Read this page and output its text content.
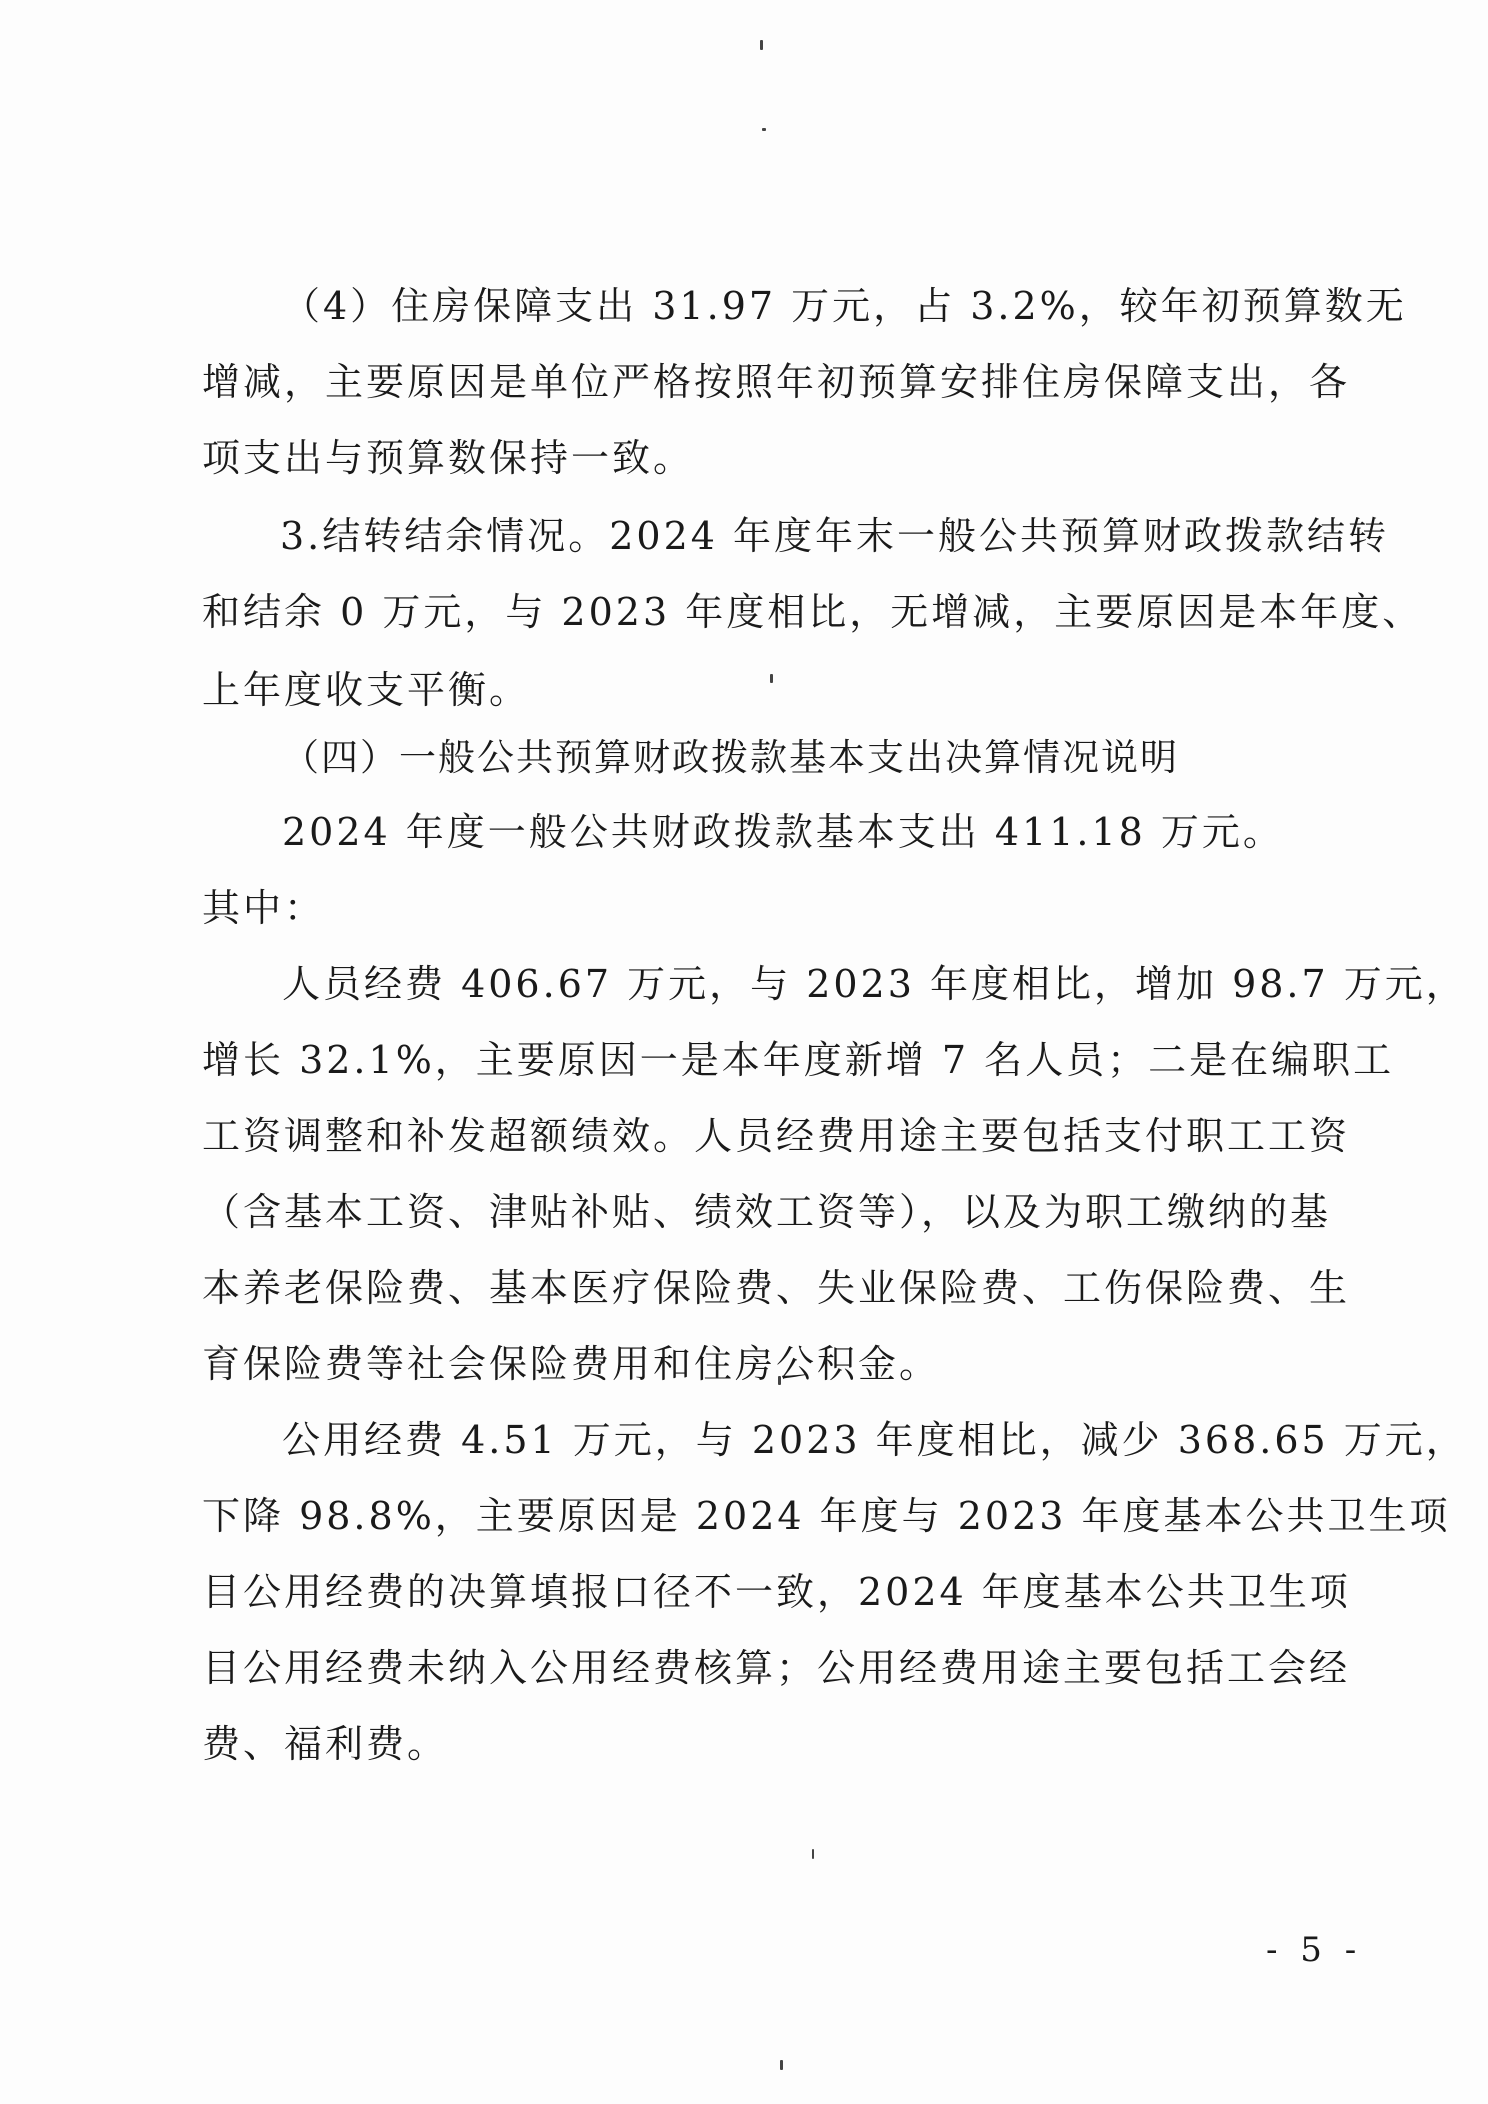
（4）住房保障支出 31.97 万元，占 3.2%，较年初预算数无
增减，主要原因是单位严格按照年初预算安排住房保障支出，各
项支出与预算数保持一致。
3.结转结余情况。2024 年度年末一般公共预算财政拨款结转
和结余 0 万元，与 2023 年度相比，无增减，主要原因是本年度、
上年度收支平衡。
（四）一般公共预算财政拨款基本支出决算情况说明
2024 年度一般公共财政拨款基本支出 411.18 万元。
其中：
人员经费 406.67 万元，与 2023 年度相比，增加 98.7 万元，
增长 32.1%，主要原因一是本年度新增 7 名人员；二是在编职工
工资调整和补发超额绩效。人员经费用途主要包括支付职工工资
（含基本工资、津贴补贴、绩效工资等），以及为职工缴纳的基
本养老保险费、基本医疗保险费、失业保险费、工伤保险费、生
育保险费等社会保险费用和住房公积金。
公用经费 4.51 万元，与 2023 年度相比，减少 368.65 万元，
下降 98.8%，主要原因是 2024 年度与 2023 年度基本公共卫生项
目公用经费的决算填报口径不一致，2024 年度基本公共卫生项
目公用经费未纳入公用经费核算；公用经费用途主要包括工会经
费、福利费。
- 5 -
